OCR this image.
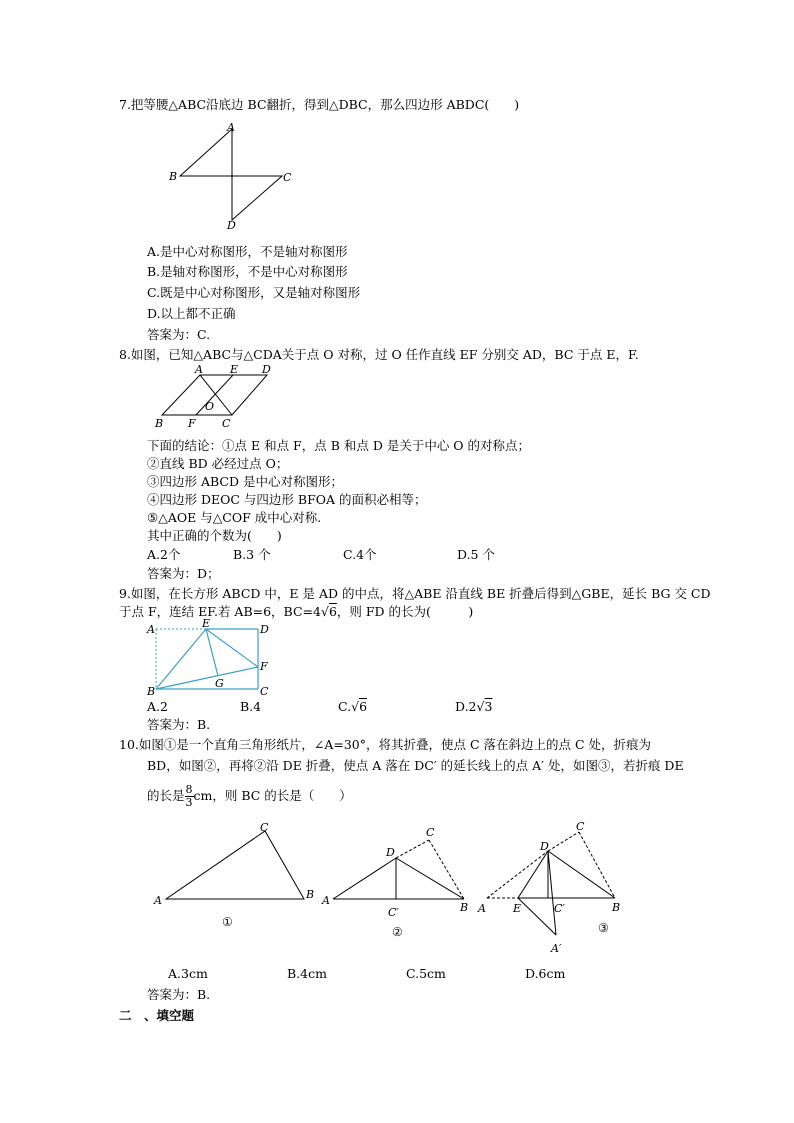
7.把等腰△ABC沿底边 BC翻折，得到△DBC，那么四边形 ABDC(　　)
A
B	C
D
A.是中心对称图形，不是轴对称图形
B.是轴对称图形，不是中心对称图形
C.既是中心对称图形，又是轴对称图形
D.以上都不正确
答案为：C.
8.如图，已知△ABC与△CDA关于点 O 对称，过 O 任作直线 EF 分别交 AD，BC 于点 E，F.
A E D
O
B F C
下面的结论：①点 E 和点 F，点 B 和点 D 是关于中心 O 的对称点；
②直线 BD 必经过点 O；
③四边形 ABCD 是中心对称图形；
④四边形 DEOC 与四边形 BFOA 的面积必相等；
⑤△AOE 与△COF 成中心对称.
其中正确的个数为(　　)
A.2个	B.3 个	C.4个	D.5 个
答案为：D；
9.如图，在长方形 ABCD 中，E 是 AD 的中点，将△ABE 沿直线 BE 折叠后得到△GBE，延长 BG 交 CD
于点 F，连结 EF.若 AB=6，BC=4√6，则 FD 的长为(　　　)
A	E	D
F
G
B	C
A.2	B.4	C.√6	D.2√3
答案为：B.
10.如图①是一个直角三角形纸片，∠A=30°，将其折叠，使点 C 落在斜边上的点 C 处，折痕为
BD，如图②，再将②沿 DE 折叠，使点 A 落在 DC′ 的延长线上的点 A′ 处，如图③，若折痕 DE
的长是 $\frac{8}{3}$ cm，则 BC 的长是（　　）
C
A	B
①
C
D
A
C′	B
②
C
D
A E	C′	B
A′
③
A.3cm	B.4cm	C.5cm	D.6cm
答案为：B.
二　、填空题
